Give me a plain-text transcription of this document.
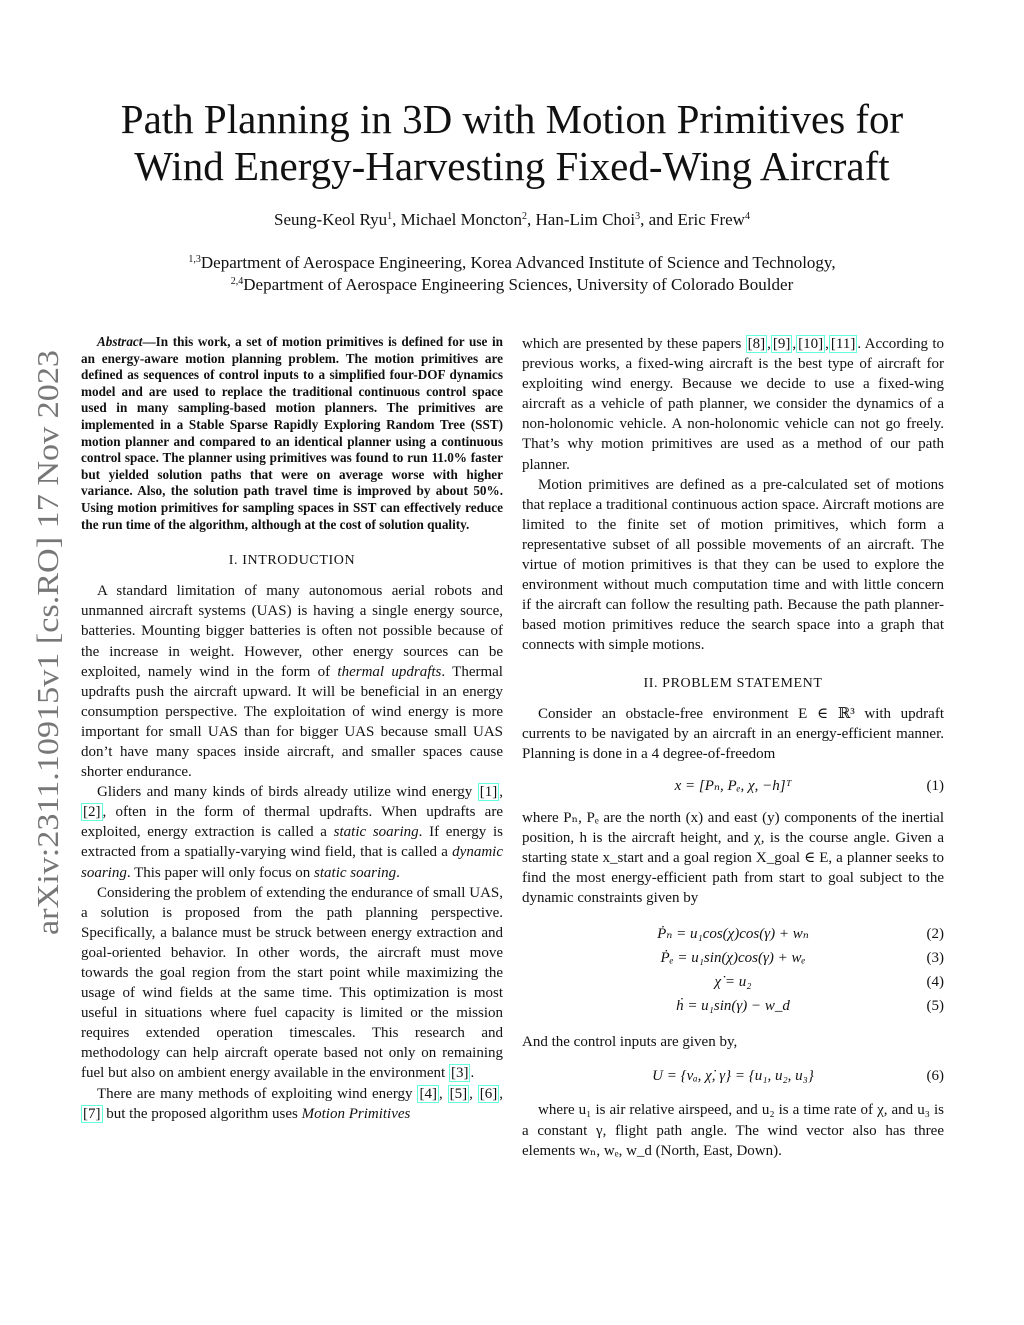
arXiv:2311.10915v1 [cs.RO] 17 Nov 2023
Path Planning in 3D with Motion Primitives for
Wind Energy-Harvesting Fixed-Wing Aircraft
Seung-Keol Ryu$^1$, Michael Moncton$^2$, Han-Lim Choi$^3$, and Eric Frew$^4$
$^{1,3}$Department of Aerospace Engineering, Korea Advanced Institute of Science and Technology,
$^{2,4}$Department of Aerospace Engineering Sciences, University of Colorado Boulder

Abstract—In this work, a set of motion primitives is defined for use in an energy-aware motion planning problem. The motion primitives are defined as sequences of control inputs to a simplified four-DOF dynamics model and are used to replace the traditional continuous control space used in many sampling-based motion planners. The primitives are implemented in a Stable Sparse Rapidly Exploring Random Tree (SST) motion planner and compared to an identical planner using a continuous control space. The planner using primitives was found to run 11.0% faster but yielded solution paths that were on average worse with higher variance. Also, the solution path travel time is improved by about 50%. Using motion primitives for sampling spaces in SST can effectively reduce the run time of the algorithm, although at the cost of solution quality.

I. INTRODUCTION

A standard limitation of many autonomous aerial robots and unmanned aircraft systems (UAS) is having a single energy source, batteries. Mounting bigger batteries is often not possible because of the increase in weight. However, other energy sources can be exploited, namely wind in the form of thermal updrafts. Thermal updrafts push the aircraft upward. It will be beneficial in an energy consumption perspective. The exploitation of wind energy is more important for small UAS than for bigger UAS because small UAS don’t have many spaces inside aircraft, and smaller spaces cause shorter endurance.

Gliders and many kinds of birds already utilize wind energy [1] ,[2] , often in the form of thermal updrafts. When updrafts are exploited, energy extraction is called a static soaring. If energy is extracted from a spatially-varying wind field, that is called a dynamic soaring. This paper will only focus on static soaring.

Considering the problem of extending the endurance of small UAS, a solution is proposed from the path planning perspective. Specifically, a balance must be struck between energy extraction and goal-oriented behavior. In other words, the aircraft must move towards the goal region from the start point while maximizing the usage of wind fields at the same time. This optimization is most useful in situations where fuel capacity is limited or the mission requires extended operation timescales. This research and methodology can help aircraft operate based not only on remaining fuel but also on ambient energy available in the environment [3] .

There are many methods of exploiting wind energy [4] , [5] , [6] , [7] but the proposed algorithm uses Motion Primitives

which are presented by these papers [8] , [9] , [10] , [11] . According to previous works, a fixed-wing aircraft is the best type of aircraft for exploiting wind energy. Because we decide to use a fixed-wing aircraft as a vehicle of path planner, we consider the dynamics of a non-holonomic vehicle. A non-holonomic vehicle can not go freely. That’s why motion primitives are used as a method of our path planner.

Motion primitives are defined as a pre-calculated set of motions that replace a traditional continuous action space. Aircraft motions are limited to the finite set of motion primitives, which form a representative subset of all possible movements of an aircraft. The virtue of motion primitives is that they can be used to explore the environment without much computation time and with little concern if the aircraft can follow the resulting path. Because the path planner-based motion primitives reduce the search space into a graph that connects with simple motions.

II. PROBLEM STATEMENT

Consider an obstacle-free environment E ∈ ℝ³ with updraft currents to be navigated by an aircraft in an energy-efficient manner. Planning is done in a 4 degree-of-freedom

x = [Pₙ, Pₑ, χ, −h]ᵀ	(1)

where Pₙ, Pₑ are the north (x) and east (y) components of the inertial position, h is the aircraft height, and χ, is the course angle. Given a starting state x_start and a goal region X_goal ∈ E, a planner seeks to find the most energy-efficient path from start to goal subject to the dynamic constraints given by

Ṗₙ = u₁cos(χ)cos(γ) + wₙ	(2)
Ṗₑ = u₁sin(χ)cos(γ) + wₑ	(3)
χ̇ = u₂	(4)
ḣ = u₁sin(γ) − w_d	(5)

And the control inputs are given by,

U = {vₐ, χ̇, γ} = {u₁, u₂, u₃}	(6)

where u₁ is air relative airspeed, and u₂ is a time rate of χ, and u₃ is a constant γ, flight path angle. The wind vector also has three elements wₙ, wₑ, w_d (North, East, Down).
